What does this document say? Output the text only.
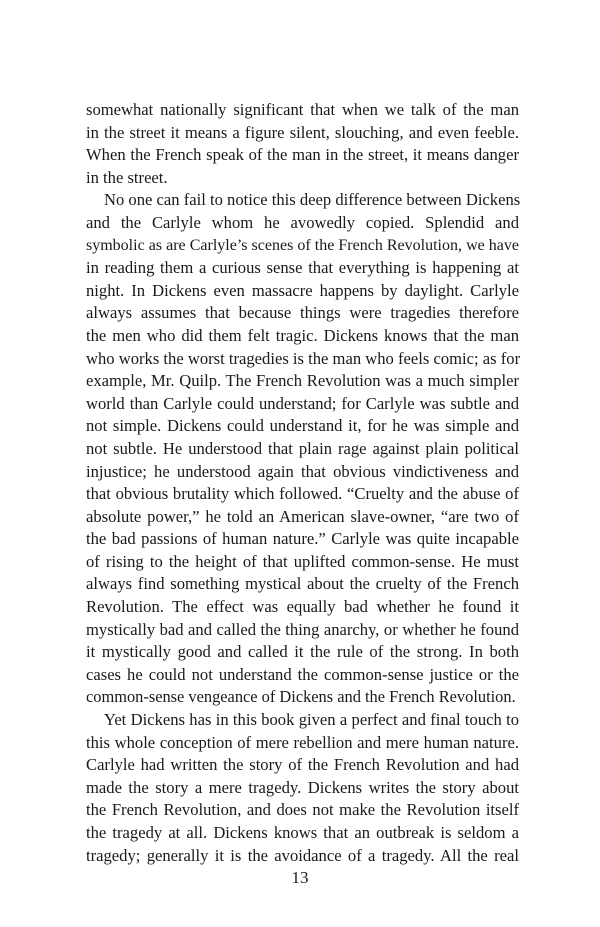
somewhat nationally significant that when we talk of the man
in the street it means a figure silent, slouching, and even feeble.
When the French speak of the man in the street, it means danger
in the street.
No one can fail to notice this deep difference between Dickens
and the Carlyle whom he avowedly copied. Splendid and
symbolic as are Carlyle’s scenes of the French Revolution, we have
in reading them a curious sense that everything is happening at
night. In Dickens even massacre happens by daylight. Carlyle
always assumes that because things were tragedies therefore
the men who did them felt tragic. Dickens knows that the man
who works the worst tragedies is the man who feels comic; as for
example, Mr. Quilp. The French Revolution was a much simpler
world than Carlyle could understand; for Carlyle was subtle and
not simple. Dickens could understand it, for he was simple and
not subtle. He understood that plain rage against plain political
injustice; he understood again that obvious vindictiveness and
that obvious brutality which followed. “Cruelty and the abuse of
absolute power,” he told an American slave-owner, “are two of
the bad passions of human nature.” Carlyle was quite incapable
of rising to the height of that uplifted common-sense. He must
always find something mystical about the cruelty of the French
Revolution. The effect was equally bad whether he found it
mystically bad and called the thing anarchy, or whether he found
it mystically good and called it the rule of the strong. In both
cases he could not understand the common-sense justice or the
common-sense vengeance of Dickens and the French Revolution.
Yet Dickens has in this book given a perfect and final touch to
this whole conception of mere rebellion and mere human nature.
Carlyle had written the story of the French Revolution and had
made the story a mere tragedy. Dickens writes the story about
the French Revolution, and does not make the Revolution itself
the tragedy at all. Dickens knows that an outbreak is seldom a
tragedy; generally it is the avoidance of a tragedy. All the real
13
